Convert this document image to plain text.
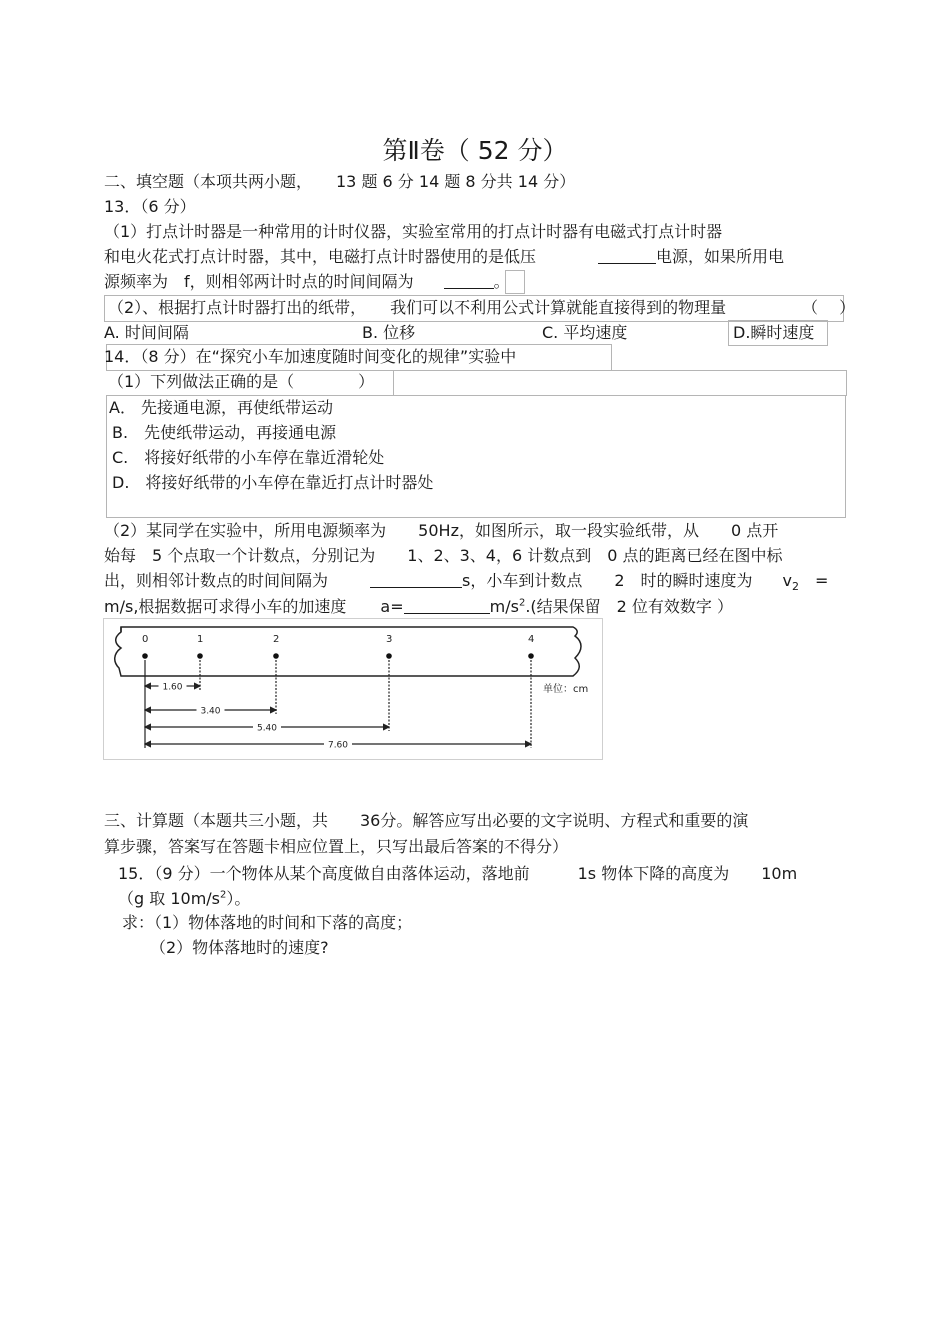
第Ⅱ卷（ 52 分）
二、填空题（本项共两小题，　　13 题 6 分 14 题 8 分共 14 分）
13．（6 分）
（1）打点计时器是一种常用的计时仪器，实验室常用的打点计时器有电磁式打点计时器
和电火花式打点计时器，其中，电磁打点计时器使用的是低压	电源，如果所用电
源频率为　f，则相邻两计时点的时间间隔为	。
（2）、根据打点计时器打出的纸带，　　我们可以不利用公式计算就能直接得到的物理量	（　 ）
A. 时间间隔	B. 位移	C. 平均速度	D.瞬时速度
14．（8 分）在“探究小车加速度随时间变化的规律”实验中
（1）下列做法正确的是（　　　　）
A． 先接通电源，再使纸带运动
B.　先使纸带运动，再接通电源
C.　将接好纸带的小车停在靠近滑轮处
D.　将接好纸带的小车停在靠近打点计时器处
（2）某同学在实验中，所用电源频率为　　50Hz，如图所示，取一段实验纸带，从　　0 点开
始每　5 个点取一个计数点，分别记为　　1、2、3、4，6 计数点到　0 点的距离已经在图中标
出，则相邻计数点的时间间隔为	s，小车到计数点　　2　时的瞬时速度为 $v_2$ =
m/s,根据数据可求得小车的加速度 a=	$m/s^2$.(结果保留　2 位有效数字 ）
0	1	2	3	4
1.60
3.40
5.40
7.60
单位：cm
三、计算题（本题共三小题，共　　36分。解答应写出必要的文字说明、方程式和重要的演
算步骤，答案写在答题卡相应位置上，只写出最后答案的不得分）
15．（9 分）一个物体从某个高度做自由落体运动，落地前　　　1s 物体下降的高度为　　10m
（g 取 $10m/s^2$）。
求：（1）物体落地的时间和下落的高度；
（2）物体落地时的速度?
